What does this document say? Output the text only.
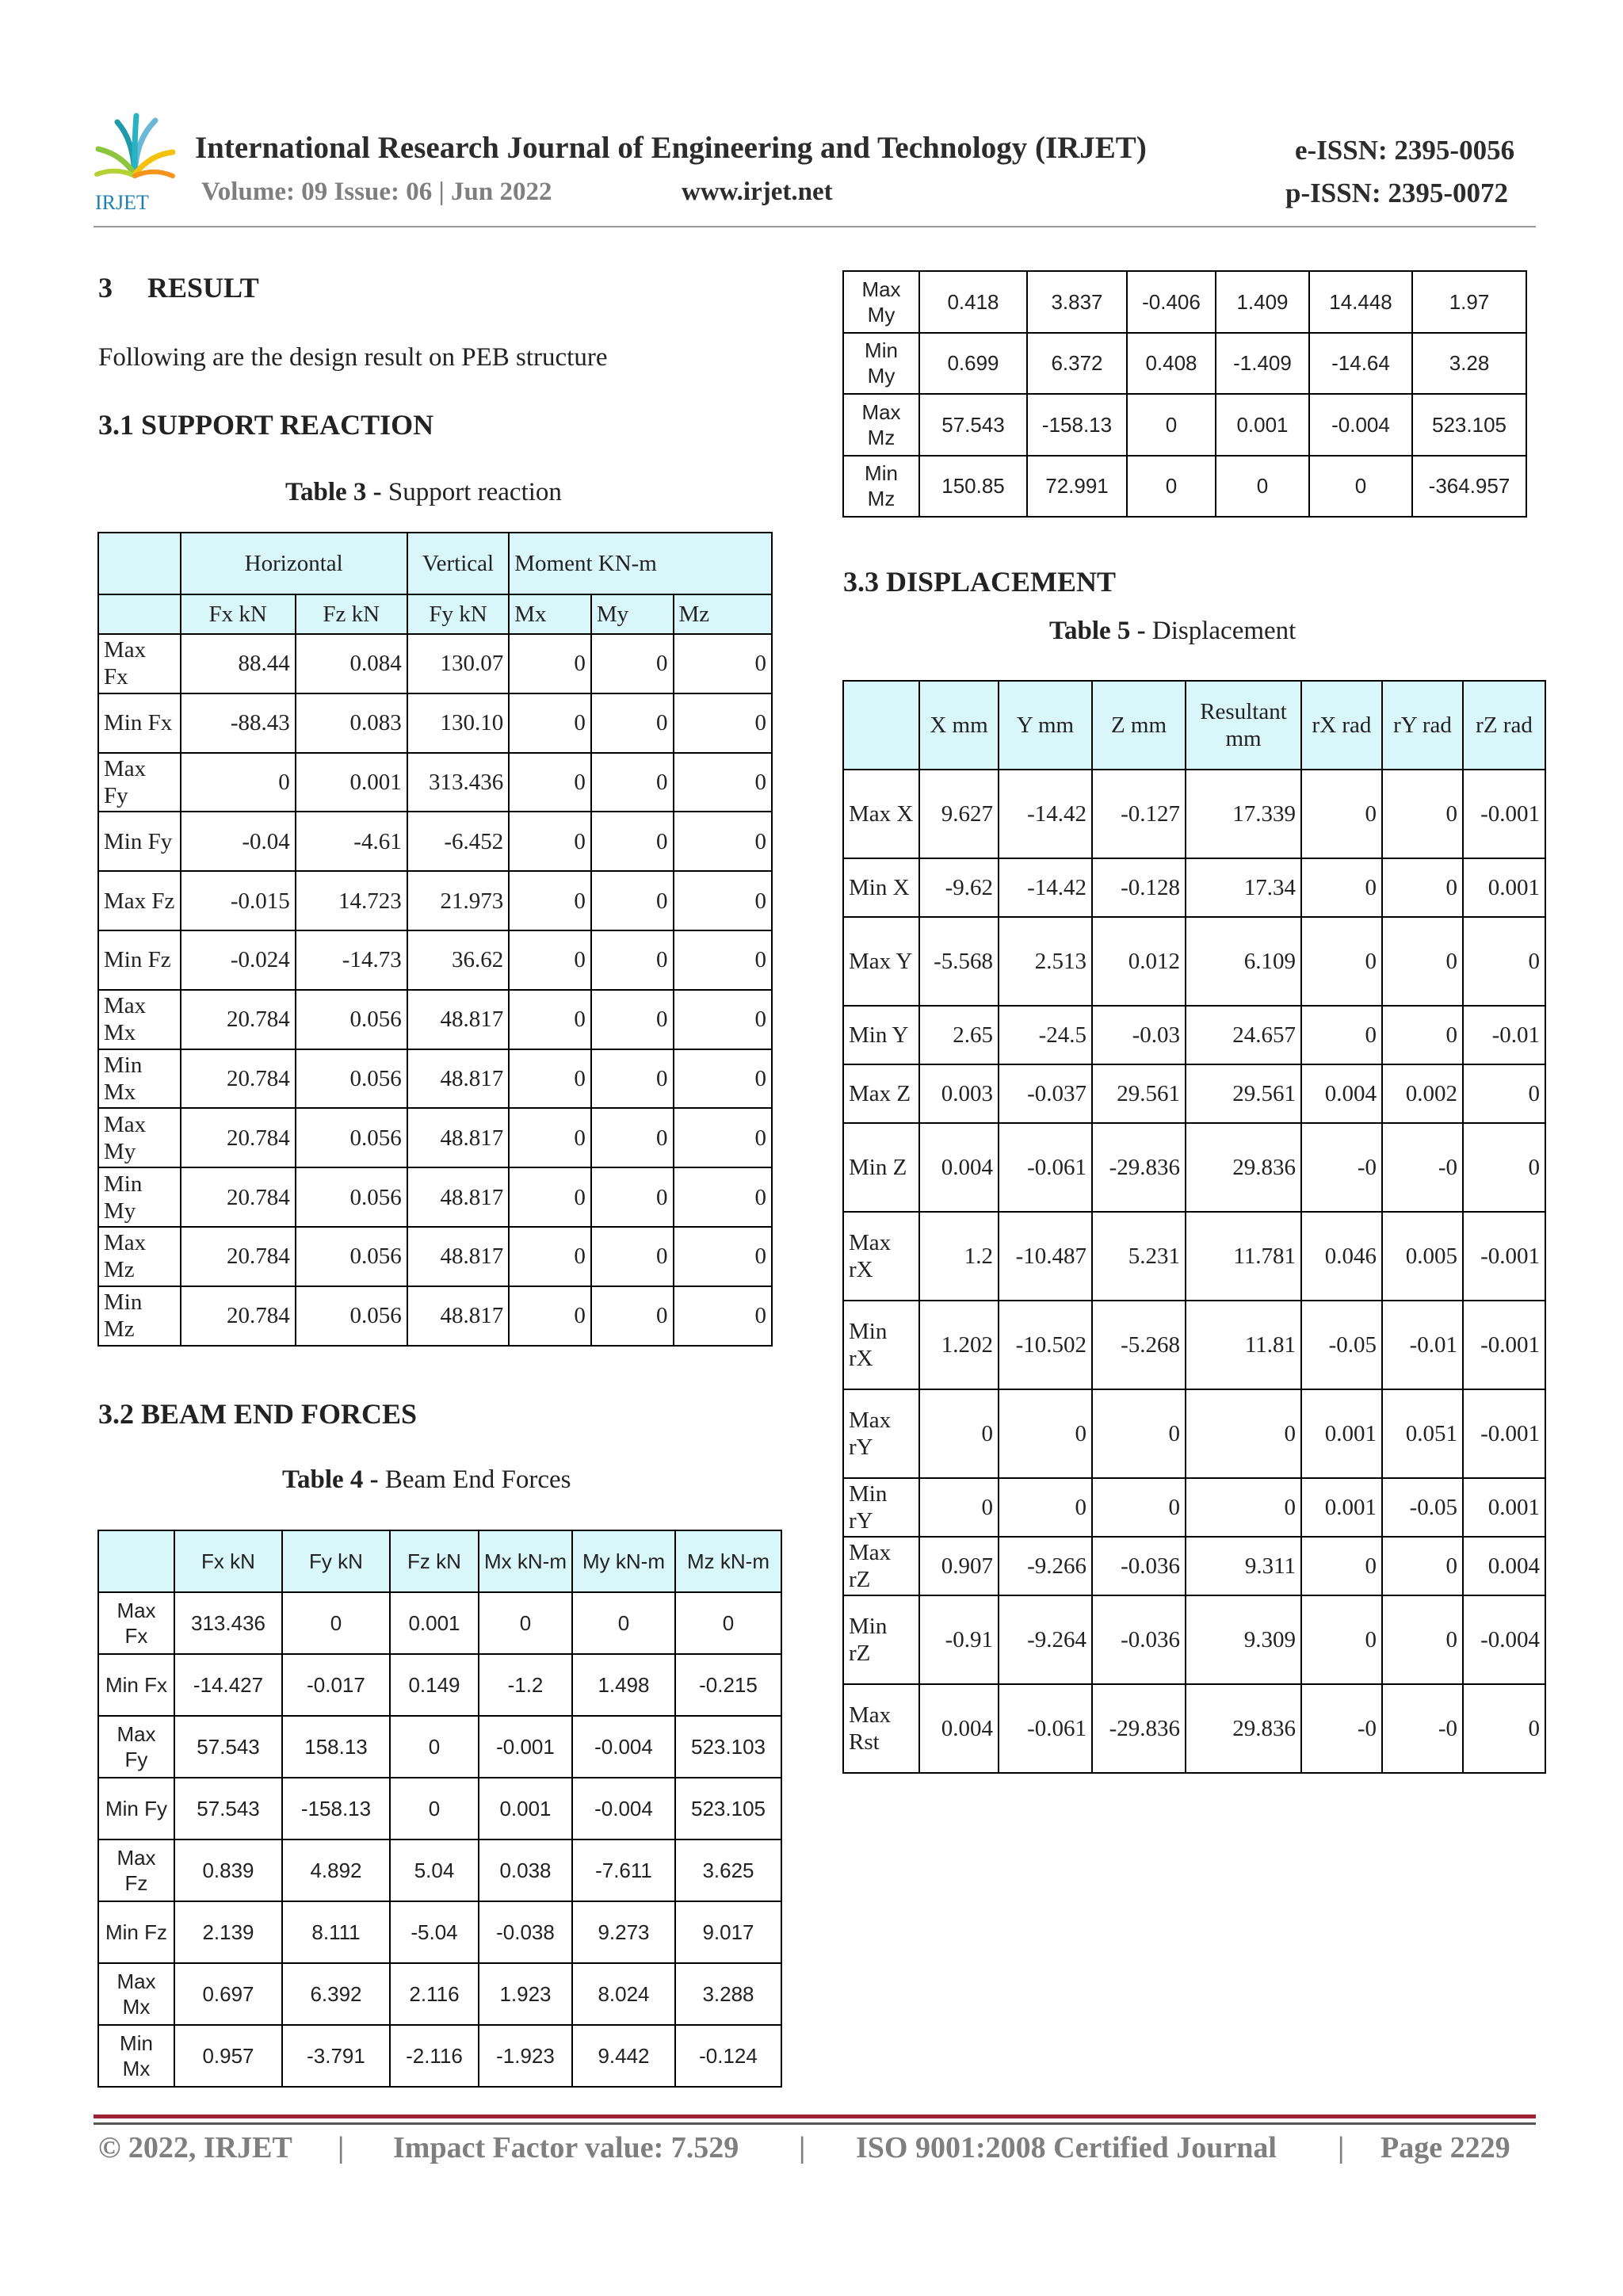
IRJET
International Research Journal of Engineering and Technology (IRJET)	e-ISSN: 2395-0056
Volume: 09 Issue: 06 | Jun 2022	www.irjet.net	p-ISSN: 2395-0072
3 RESULT
Following are the design result on PEB structure
3.1 SUPPORT REACTION
Table 3 - Support reaction
	Horizontal		Vertical	Moment KN-m		
	Fx kN	Fz kN	Fy kN	Mx	My	Mz
Max Fx	88.44	0.084	130.07	0	0	0
Min Fx	-88.43	0.083	130.10	0	0	0
Max Fy	0	0.001	313.436	0	0	0
Min Fy	-0.04	-4.61	-6.452	0	0	0
Max Fz	-0.015	14.723	21.973	0	0	0
Min Fz	-0.024	-14.73	36.62	0	0	0
Max Mx	20.784	0.056	48.817	0	0	0
Min Mx	20.784	0.056	48.817	0	0	0
Max My	20.784	0.056	48.817	0	0	0
Min My	20.784	0.056	48.817	0	0	0
Max Mz	20.784	0.056	48.817	0	0	0
Min Mz	20.784	0.056	48.817	0	0	0
3.2 BEAM END FORCES
Table 4 - Beam End Forces
	Fx kN	Fy kN	Fz kN	Mx kN-m	My kN-m	Mz kN-m
Max Fx	313.436	0	0.001	0	0	0
Min Fx	-14.427	-0.017	0.149	-1.2	1.498	-0.215
Max Fy	57.543	158.13	0	-0.001	-0.004	523.103
Min Fy	57.543	-158.13	0	0.001	-0.004	523.105
Max Fz	0.839	4.892	5.04	0.038	-7.611	3.625
Min Fz	2.139	8.111	-5.04	-0.038	9.273	9.017
Max Mx	0.697	6.392	2.116	1.923	8.024	3.288
Min Mx	0.957	-3.791	-2.116	-1.923	9.442	-0.124
Max My	0.418	3.837	-0.406	1.409	14.448	1.97
Min My	0.699	6.372	0.408	-1.409	-14.64	3.28
Max Mz	57.543	-158.13	0	0.001	-0.004	523.105
Min Mz	150.85	72.991	0	0	0	-364.957
3.3 DISPLACEMENT
Table 5 - Displacement
	X mm	Y mm	Z mm	Resultant mm	rX rad	rY rad	rZ rad
Max X	9.627	-14.42	-0.127	17.339	0	0	-0.001
Min X	-9.62	-14.42	-0.128	17.34	0	0	0.001
Max Y	-5.568	2.513	0.012	6.109	0	0	0
Min Y	2.65	-24.5	-0.03	24.657	0	0	-0.01
Max Z	0.003	-0.037	29.561	29.561	0.004	0.002	0
Min Z	0.004	-0.061	-29.836	29.836	-0	-0	0
Max rX	1.2	-10.487	5.231	11.781	0.046	0.005	-0.001
Min rX	1.202	-10.502	-5.268	11.81	-0.05	-0.01	-0.001
Max rY	0	0	0	0	0.001	0.051	-0.001
Min rY	0	0	0	0	0.001	-0.05	0.001
Max rZ	0.907	-9.266	-0.036	9.311	0	0	0.004
Min rZ	-0.91	-9.264	-0.036	9.309	0	0	-0.004
Max Rst	0.004	-0.061	-29.836	29.836	-0	-0	0
© 2022, IRJET | Impact Factor value: 7.529 | ISO 9001:2008 Certified Journal | Page 2229
